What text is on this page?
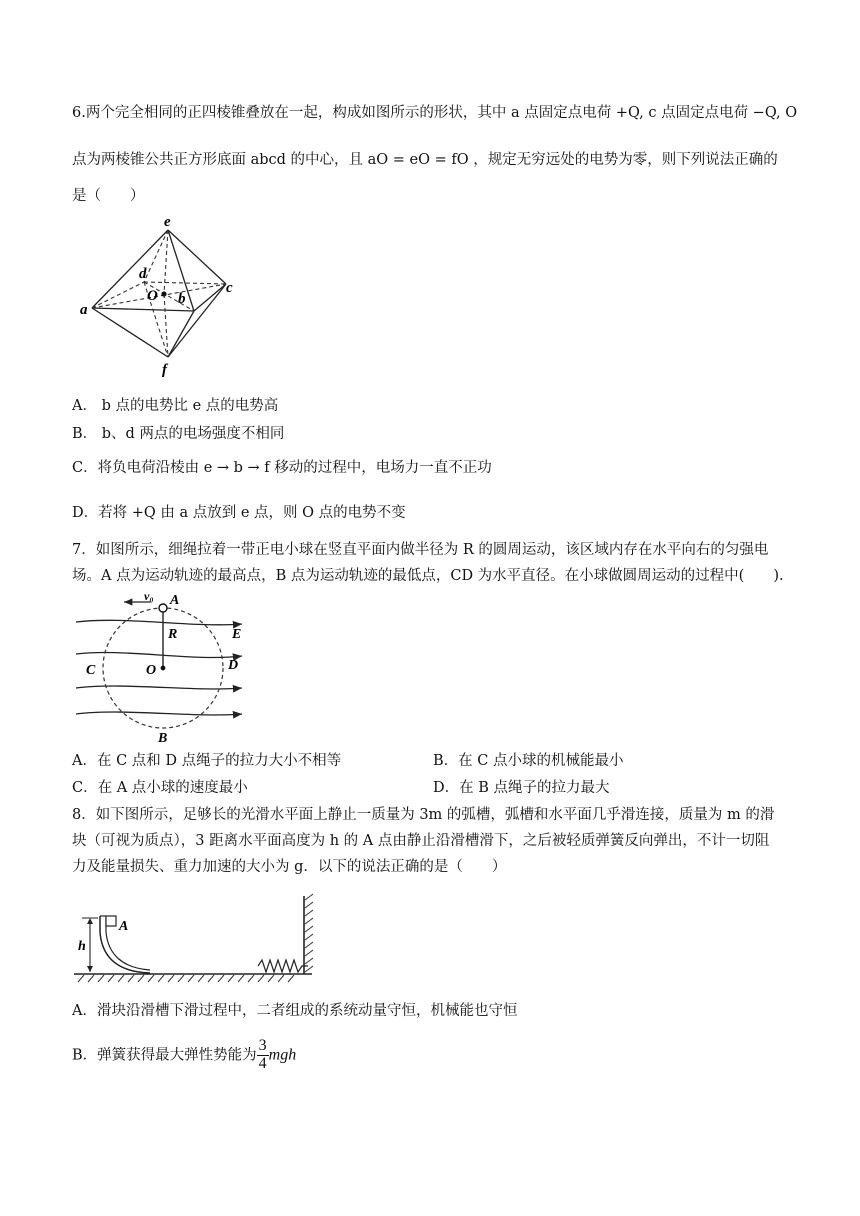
6.两个完全相同的正四棱锥叠放在一起，构成如图所示的形状，其中 a 点固定点电荷 +Q, c 点固定点电荷 −Q, O
点为两棱锥公共正方形底面 abcd 的中心，且 aO = eO = fO ，规定无穷远处的电势为零，则下列说法正确的
是（　　）
e
d
O b
c
a
f
A． b 点的电势比 e 点的电势高
B． b、d 两点的电场强度不相同
C．将负电荷沿棱由 e → b → f 移动的过程中，电场力一直不正功
D．若将 +Q 由 a 点放到 e 点，则 O 点的电势不变
7．如图所示，细绳拉着一带正电小球在竖直平面内做半径为 R 的圆周运动，该区域内存在水平向右的匀强电
场。A 点为运动轨迹的最高点，B 点为运动轨迹的最低点，CD 为水平直径。在小球做圆周运动的过程中(　　).
v₀ A
R	E
C	O	D
B
A．在 C 点和 D 点绳子的拉力大小不相等	B．在 C 点小球的机械能最小
C．在 A 点小球的速度最小	D．在 B 点绳子的拉力最大
8．如下图所示，足够长的光滑水平面上静止一质量为 3m 的弧槽，弧槽和水平面几乎滑连接，质量为 m 的滑
块（可视为质点），3 距离水平面高度为 h 的 A 点由静止沿滑槽滑下，之后被轻质弹簧反向弹出，不计一切阻
力及能量损失、重力加速的大小为 g．以下的说法正确的是（　　）
A
h
A．滑块沿滑槽下滑过程中，二者组成的系统动量守恒，机械能也守恒
B．弹簧获得最大弹性势能为 $\frac{3}{4}$ mgh
